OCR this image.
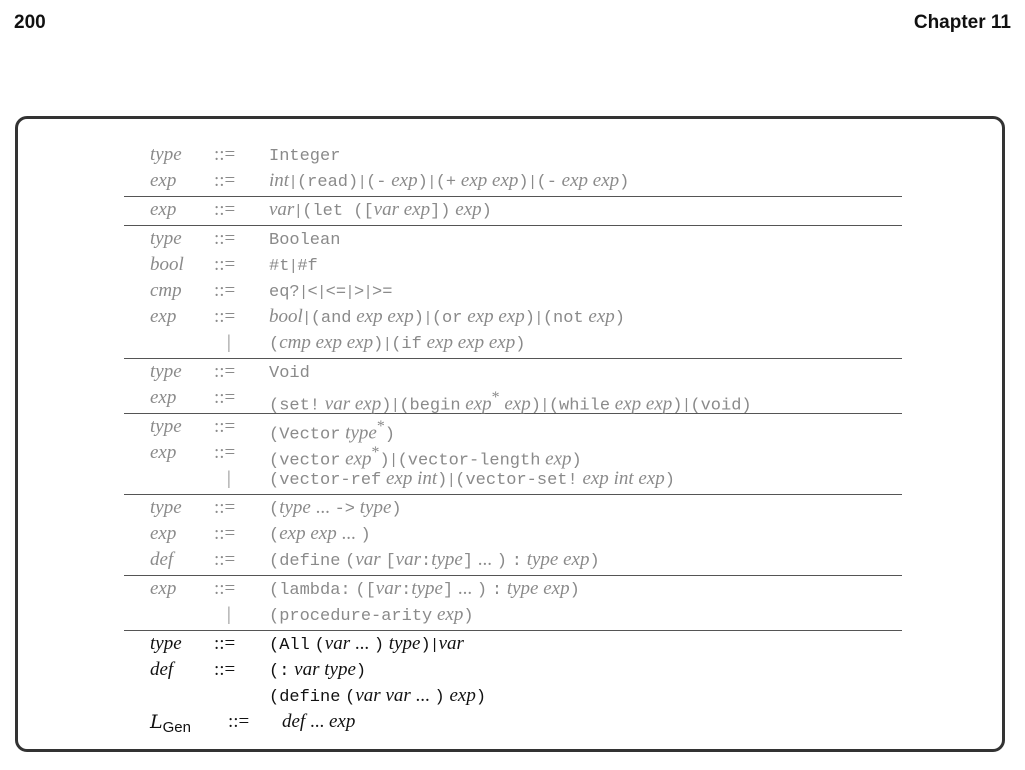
200	Chapter 11
type ::= Integer
exp ::= int | (read) | (- exp) | (+ exp exp) | (- exp exp)
exp ::= var | (let ([var exp]) exp)
type ::= Boolean
bool ::= #t | #f
cmp ::= eq? | < | <= | > | >=
exp ::= bool | (and exp exp) | (or exp exp) | (not exp)
| (cmp exp exp) | (if exp exp exp)
type ::= Void
exp ::= (set! var exp) | (begin exp* exp) | (while exp exp) | (void)
type ::= (Vector type*)
exp ::= (vector exp*) | (vector-length exp)
| (vector-ref exp int) | (vector-set! exp int exp)
type ::= (type ... -> type)
exp ::= (exp exp ... )
def ::= (define (var [var:type] ... ) : type exp)
exp ::= (lambda: ([var:type] ... ) : type exp)
| (procedure-arity exp)
type ::= (All (var ... ) type) | var
def ::= (: var type)
(define (var var ... ) exp)
$L_{Gen}$ ::= def ... exp
